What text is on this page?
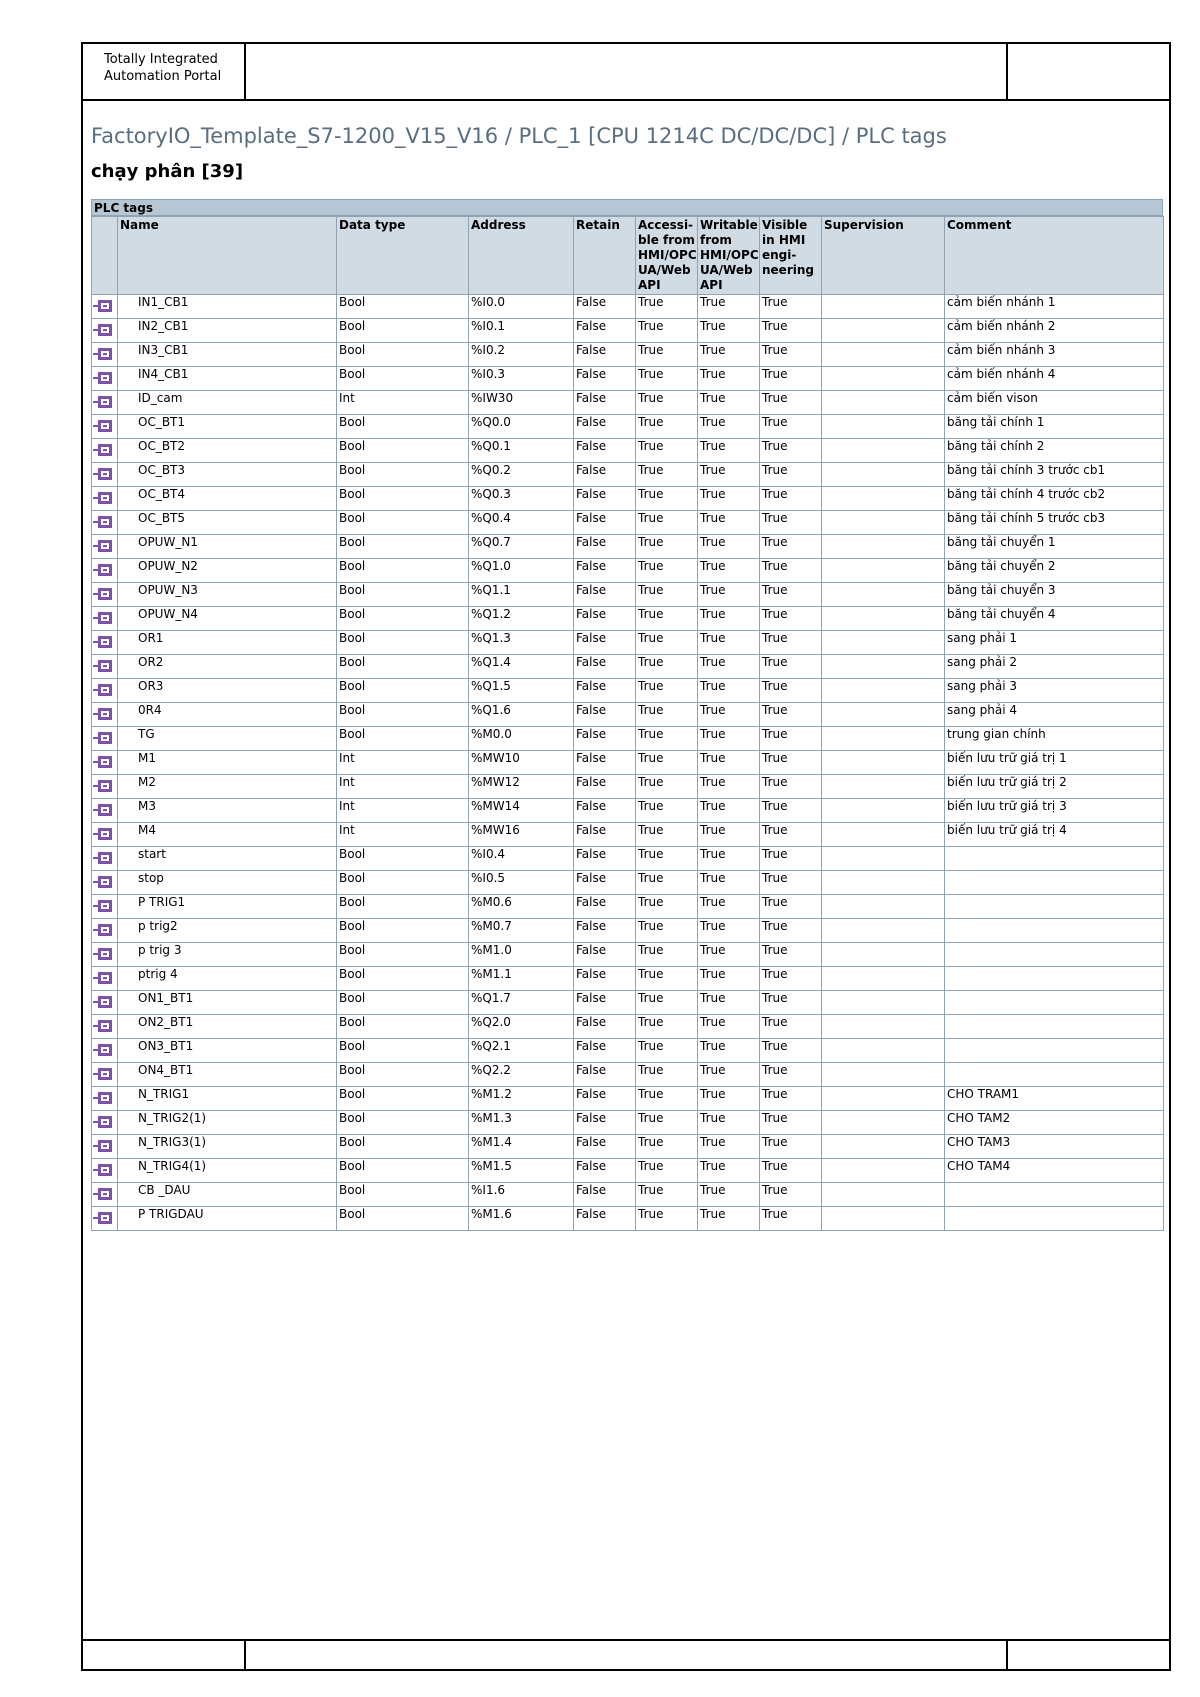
Totally Integrated
Automation Portal
FactoryIO_Template_S7-1200_V15_V16 / PLC_1 [CPU 1214C DC/DC/DC] / PLC tags
chạy phân [39]
PLC tags
	Name	Data type	Address	Retain	Accessi-ble from HMI/OPC UA/Web API	Writable from HMI/OPC UA/Web API	Visible in HMI engi-neering	Supervision	Comment
	IN1_CB1	Bool	%I0.0	False	True	True	True		cảm biến nhánh 1
	IN2_CB1	Bool	%I0.1	False	True	True	True		cảm biến nhánh 2
	IN3_CB1	Bool	%I0.2	False	True	True	True		cảm biến nhánh 3
	IN4_CB1	Bool	%I0.3	False	True	True	True		cảm biến nhánh 4
	ID_cam	Int	%IW30	False	True	True	True		cảm biến vison
	OC_BT1	Bool	%Q0.0	False	True	True	True		băng tải chính 1
	OC_BT2	Bool	%Q0.1	False	True	True	True		băng tải chính 2
	OC_BT3	Bool	%Q0.2	False	True	True	True		băng tải chính 3 trước cb1
	OC_BT4	Bool	%Q0.3	False	True	True	True		băng tải chính 4 trước cb2
	OC_BT5	Bool	%Q0.4	False	True	True	True		băng tải chính 5 trước cb3
	OPUW_N1	Bool	%Q0.7	False	True	True	True		băng tải chuyển 1
	OPUW_N2	Bool	%Q1.0	False	True	True	True		băng tải chuyển 2
	OPUW_N3	Bool	%Q1.1	False	True	True	True		băng tải chuyển 3
	OPUW_N4	Bool	%Q1.2	False	True	True	True		băng tải chuyển 4
	OR1	Bool	%Q1.3	False	True	True	True		sang phải 1
	OR2	Bool	%Q1.4	False	True	True	True		sang phải 2
	OR3	Bool	%Q1.5	False	True	True	True		sang phải 3
	0R4	Bool	%Q1.6	False	True	True	True		sang phải 4
	TG	Bool	%M0.0	False	True	True	True		trung gian chính
	M1	Int	%MW10	False	True	True	True		biến lưu trữ giá trị 1
	M2	Int	%MW12	False	True	True	True		biến lưu trữ giá trị 2
	M3	Int	%MW14	False	True	True	True		biến lưu trữ giá trị 3
	M4	Int	%MW16	False	True	True	True		biến lưu trữ giá trị 4
	start	Bool	%I0.4	False	True	True	True		
	stop	Bool	%I0.5	False	True	True	True		
	P TRIG1	Bool	%M0.6	False	True	True	True		
	p trig2	Bool	%M0.7	False	True	True	True		
	p trig 3	Bool	%M1.0	False	True	True	True		
	ptrig 4	Bool	%M1.1	False	True	True	True		
	ON1_BT1	Bool	%Q1.7	False	True	True	True		
	ON2_BT1	Bool	%Q2.0	False	True	True	True		
	ON3_BT1	Bool	%Q2.1	False	True	True	True		
	ON4_BT1	Bool	%Q2.2	False	True	True	True		
	N_TRIG1	Bool	%M1.2	False	True	True	True		CHO TRAM1
	N_TRIG2(1)	Bool	%M1.3	False	True	True	True		CHO TAM2
	N_TRIG3(1)	Bool	%M1.4	False	True	True	True		CHO TAM3
	N_TRIG4(1)	Bool	%M1.5	False	True	True	True		CHO TAM4
	CB _DAU	Bool	%I1.6	False	True	True	True		
	P TRIGDAU	Bool	%M1.6	False	True	True	True		
